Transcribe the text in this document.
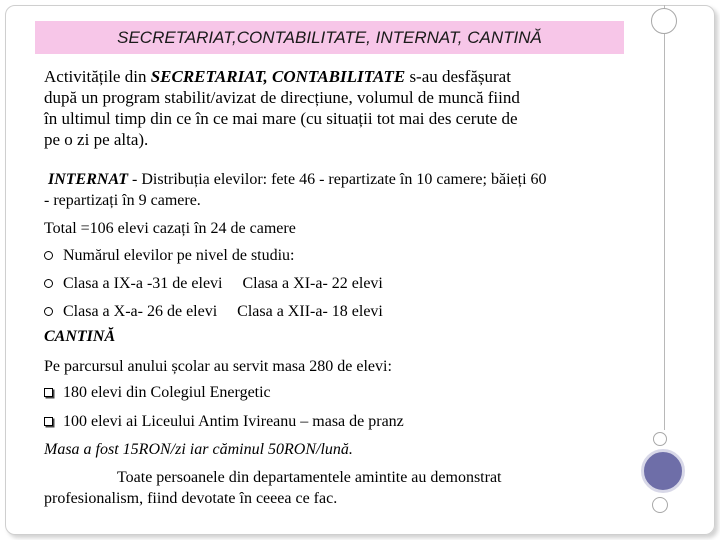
SECRETARIAT,CONTABILITATE, INTERNAT, CANTINĂ
Activitățile din SECRETARIAT, CONTABILITATE s-au desfășurat
după un program stabilit/avizat de direcțiune, volumul de muncă fiind
în ultimul timp din ce în ce mai mare (cu situații tot mai des cerute de
pe o zi pe alta).
INTERNAT - Distribuția elevilor: fete 46 - repartizate în 10 camere; băieți 60
- repartizați în 9 camere.
Total =106 elevi cazați în 24 de camere
Numărul elevilor pe nivel de studiu:
Clasa a IX-a -31 de elevi Clasa a XI-a- 22 elevi
Clasa a X-a- 26 de elevi Clasa a XII-a- 18 elevi
CANTINĂ
Pe parcursul anului școlar au servit masa 280 de elevi:
180 elevi din Colegiul Energetic
100 elevi ai Liceului Antim Ivireanu – masa de pranz
Masa a fost 15RON/zi iar căminul 50RON/lună.
Toate persoanele din departamentele amintite au demonstrat
profesionalism, fiind devotate în ceeea ce fac.
